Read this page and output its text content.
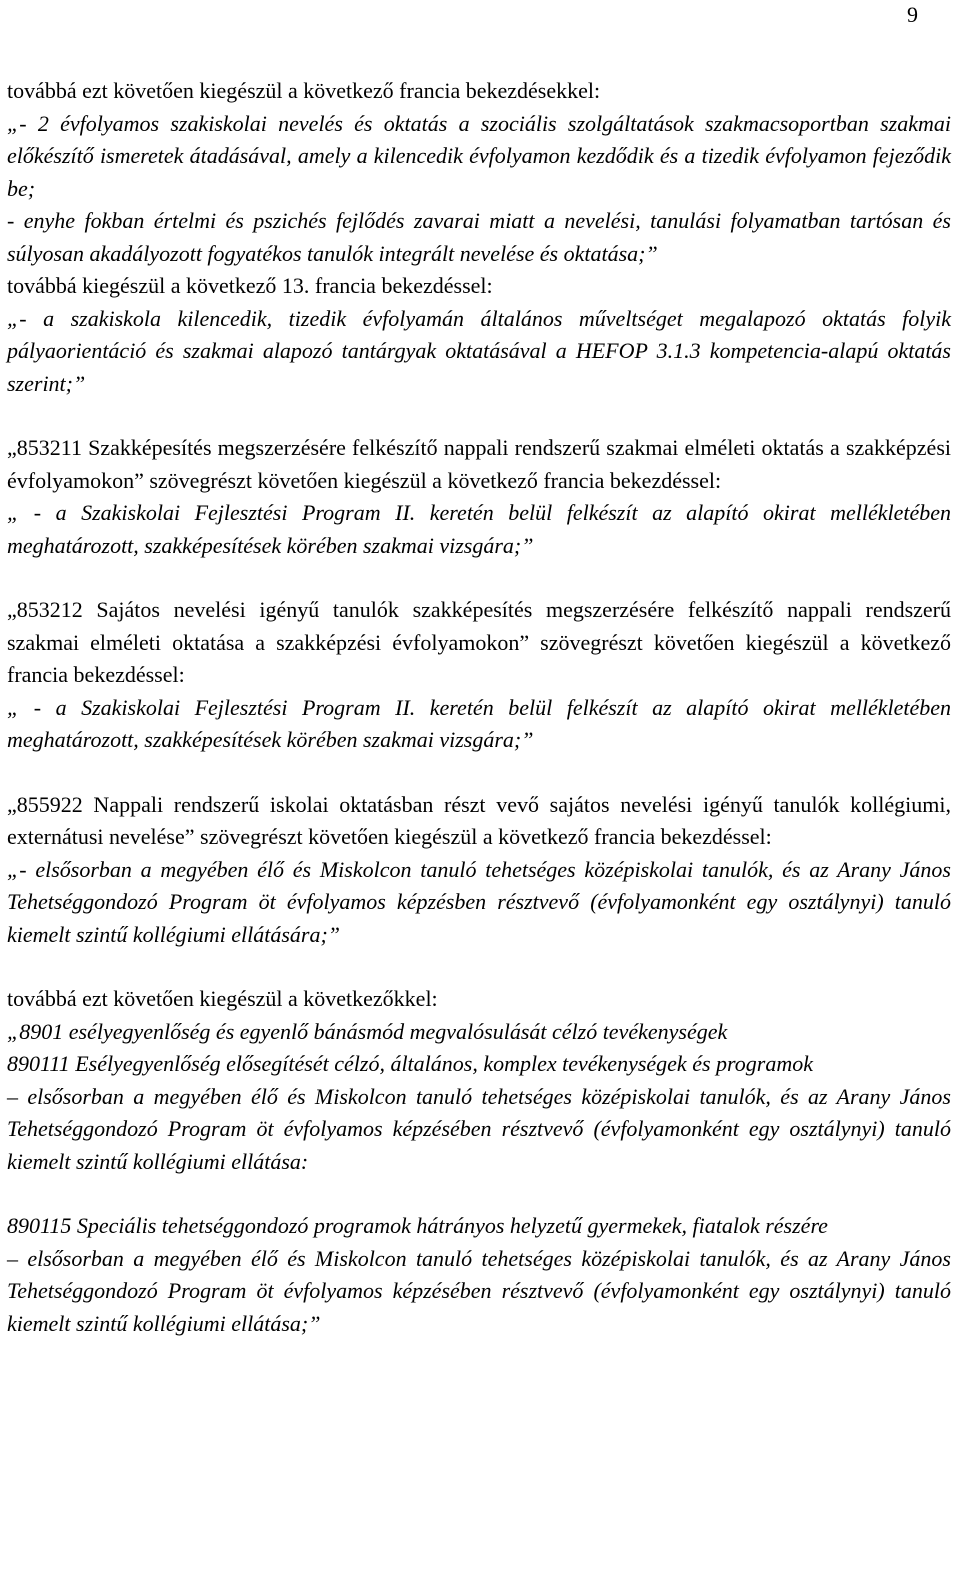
9

továbbá ezt követően kiegészül a következő francia bekezdésekkel:

„- 2 évfolyamos szakiskolai nevelés és oktatás a szociális szolgáltatások szakmacsoportban szakmai előkészítő ismeretek átadásával, amely a kilencedik évfolyamon kezdődik és a tizedik évfolyamon fejeződik be;

- enyhe fokban értelmi és pszichés fejlődés zavarai miatt a nevelési, tanulási folyamatban tartósan és súlyosan akadályozott fogyatékos tanulók integrált nevelése és oktatása;”

továbbá kiegészül a következő 13. francia bekezdéssel:

„- a szakiskola kilencedik, tizedik évfolyamán általános műveltséget megalapozó oktatás folyik pályaorientáció és szakmai alapozó tantárgyak oktatásával a HEFOP 3.1.3 kompetencia-alapú oktatás szerint;”

„853211 Szakképesítés megszerzésére felkészítő nappali rendszerű szakmai elméleti oktatás a szakképzési évfolyamokon” szövegrészt követően kiegészül a következő francia bekezdéssel:

„ - a Szakiskolai Fejlesztési Program II. keretén belül felkészít az alapító okirat mellékletében meghatározott, szakképesítések körében szakmai vizsgára;”

„853212 Sajátos nevelési igényű tanulók szakképesítés megszerzésére felkészítő nappali rendszerű szakmai elméleti oktatása a szakképzési évfolyamokon” szövegrészt követően kiegészül a következő francia bekezdéssel:

„ - a Szakiskolai Fejlesztési Program II. keretén belül felkészít az alapító okirat mellékletében meghatározott, szakképesítések körében szakmai vizsgára;”

„855922 Nappali rendszerű iskolai oktatásban részt vevő sajátos nevelési igényű tanulók kollégiumi, externátusi nevelése” szövegrészt követően kiegészül a következő francia bekezdéssel:

„- elsősorban a megyében élő és Miskolcon tanuló tehetséges középiskolai tanulók, és az Arany János Tehetséggondozó Program öt évfolyamos képzésben résztvevő (évfolyamonként egy osztálynyi) tanuló kiemelt szintű kollégiumi ellátására;”

továbbá ezt követően kiegészül a következőkkel:

„8901 esélyegyenlőség és egyenlő bánásmód megvalósulását célzó tevékenységek

890111 Esélyegyenlőség elősegítését célzó, általános, komplex tevékenységek és programok

– elsősorban a megyében élő és Miskolcon tanuló tehetséges középiskolai tanulók, és az Arany János Tehetséggondozó Program öt évfolyamos képzésében résztvevő (évfolyamonként egy osztálynyi) tanuló kiemelt szintű kollégiumi ellátása:

890115 Speciális tehetséggondozó programok hátrányos helyzetű gyermekek, fiatalok részére

– elsősorban a megyében élő és Miskolcon tanuló tehetséges középiskolai tanulók, és az Arany János Tehetséggondozó Program öt évfolyamos képzésében résztvevő (évfolyamonként egy osztálynyi) tanuló kiemelt szintű kollégiumi ellátása;”
